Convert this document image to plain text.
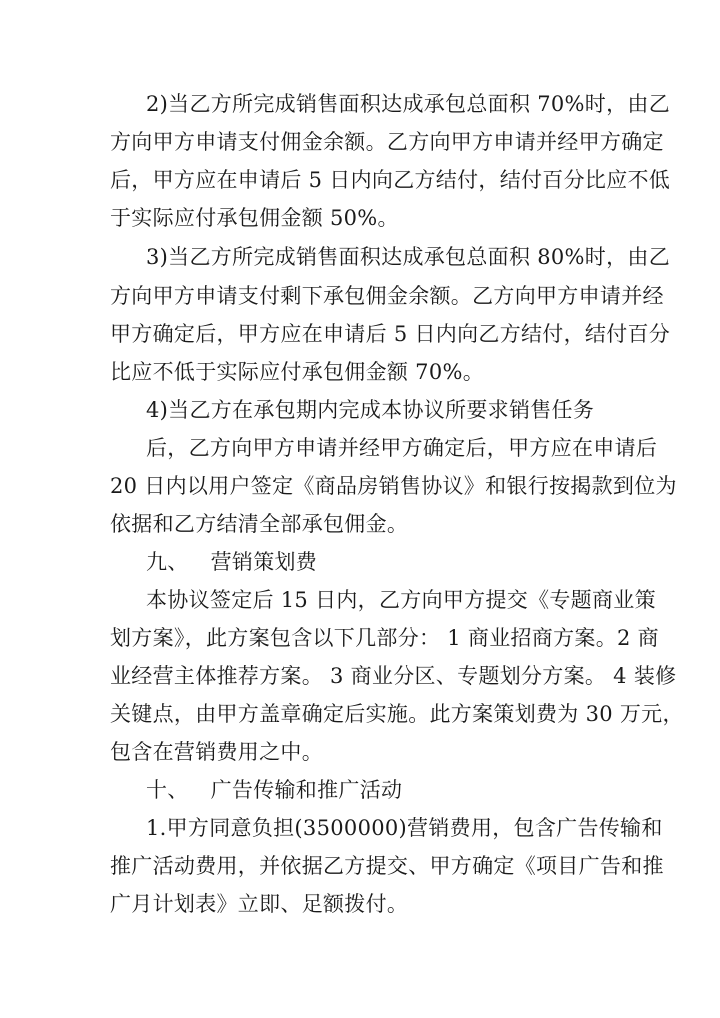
2)当乙方所完成销售面积达成承包总面积 70%时，由乙
方向甲方申请支付佣金余额。乙方向甲方申请并经甲方确定
后，甲方应在申请后 5 日内向乙方结付，结付百分比应不低
于实际应付承包佣金额 50%。
3)当乙方所完成销售面积达成承包总面积 80%时，由乙
方向甲方申请支付剩下承包佣金余额。乙方向甲方申请并经
甲方确定后，甲方应在申请后 5 日内向乙方结付，结付百分
比应不低于实际应付承包佣金额 70%。
4)当乙方在承包期内完成本协议所要求销售任务
后，乙方向甲方申请并经甲方确定后，甲方应在申请后
20 日内以用户签定《商品房销售协议》和银行按揭款到位为
依据和乙方结清全部承包佣金。
九、 营销策划费
本协议签定后 15 日内，乙方向甲方提交《专题商业策
划方案》，此方案包含以下几部分： 1 商业招商方案。2 商
业经营主体推荐方案。 3 商业分区、专题划分方案。 4 装修
关键点，由甲方盖章确定后实施。此方案策划费为 30 万元，
包含在营销费用之中。
十、 广告传输和推广活动
1.甲方同意负担(3500000)营销费用，包含广告传输和
推广活动费用，并依据乙方提交、甲方确定《项目广告和推
广月计划表》立即、足额拨付。
